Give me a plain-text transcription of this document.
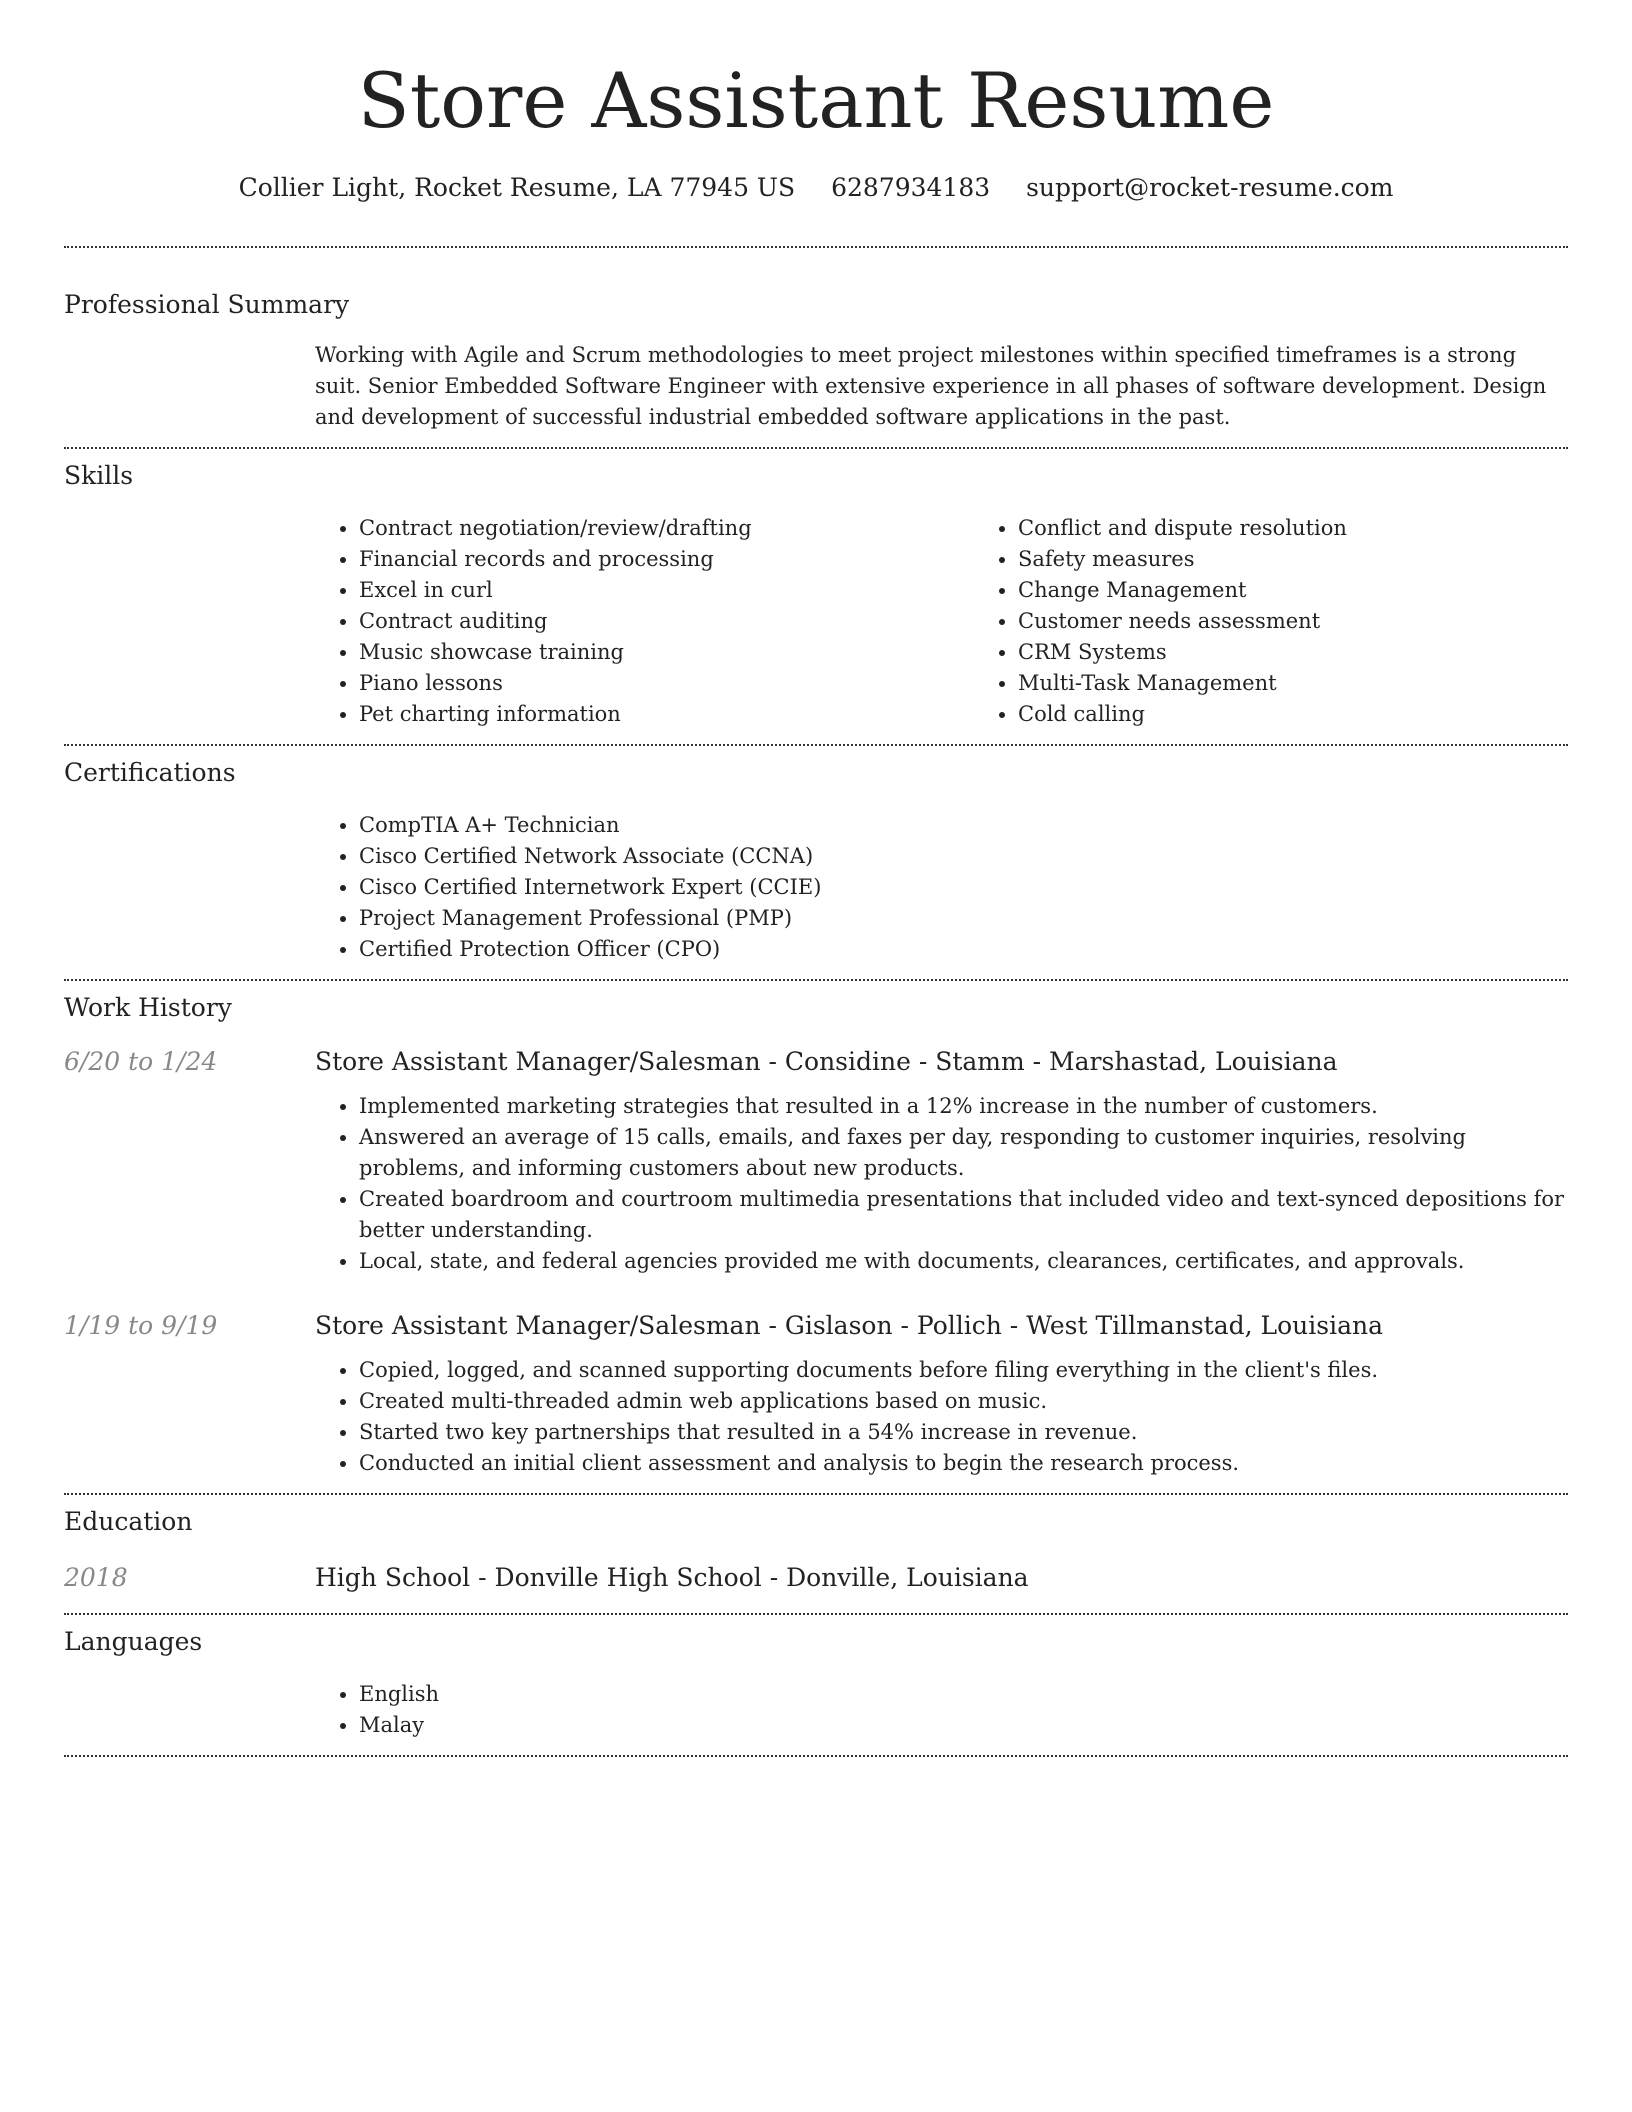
Store Assistant Resume
Collier Light, Rocket Resume, LA 77945 US 6287934183 support@rocket-resume.com
Professional Summary
Working with Agile and Scrum methodologies to meet project milestones within specified timeframes is a strong suit. Senior Embedded Software Engineer with extensive experience in all phases of software development. Design and development of successful industrial embedded software applications in the past.
Skills
• Contract negotiation/review/drafting
• Financial records and processing
• Excel in curl
• Contract auditing
• Music showcase training
• Piano lessons
• Pet charting information
• Conflict and dispute resolution
• Safety measures
• Change Management
• Customer needs assessment
• CRM Systems
• Multi-Task Management
• Cold calling
Certifications
• CompTIA A+ Technician
• Cisco Certified Network Associate (CCNA)
• Cisco Certified Internetwork Expert (CCIE)
• Project Management Professional (PMP)
• Certified Protection Officer (CPO)
Work History
6/20 to 1/24	Store Assistant Manager/Salesman - Considine - Stamm - Marshastad, Louisiana
• Implemented marketing strategies that resulted in a 12% increase in the number of customers.
• Answered an average of 15 calls, emails, and faxes per day, responding to customer inquiries, resolving problems, and informing customers about new products.
• Created boardroom and courtroom multimedia presentations that included video and text-synced depositions for better understanding.
• Local, state, and federal agencies provided me with documents, clearances, certificates, and approvals.
1/19 to 9/19	Store Assistant Manager/Salesman - Gislason - Pollich - West Tillmanstad, Louisiana
• Copied, logged, and scanned supporting documents before filing everything in the client's files.
• Created multi-threaded admin web applications based on music.
• Started two key partnerships that resulted in a 54% increase in revenue.
• Conducted an initial client assessment and analysis to begin the research process.
Education
2018	High School - Donville High School - Donville, Louisiana
Languages
• English
• Malay
